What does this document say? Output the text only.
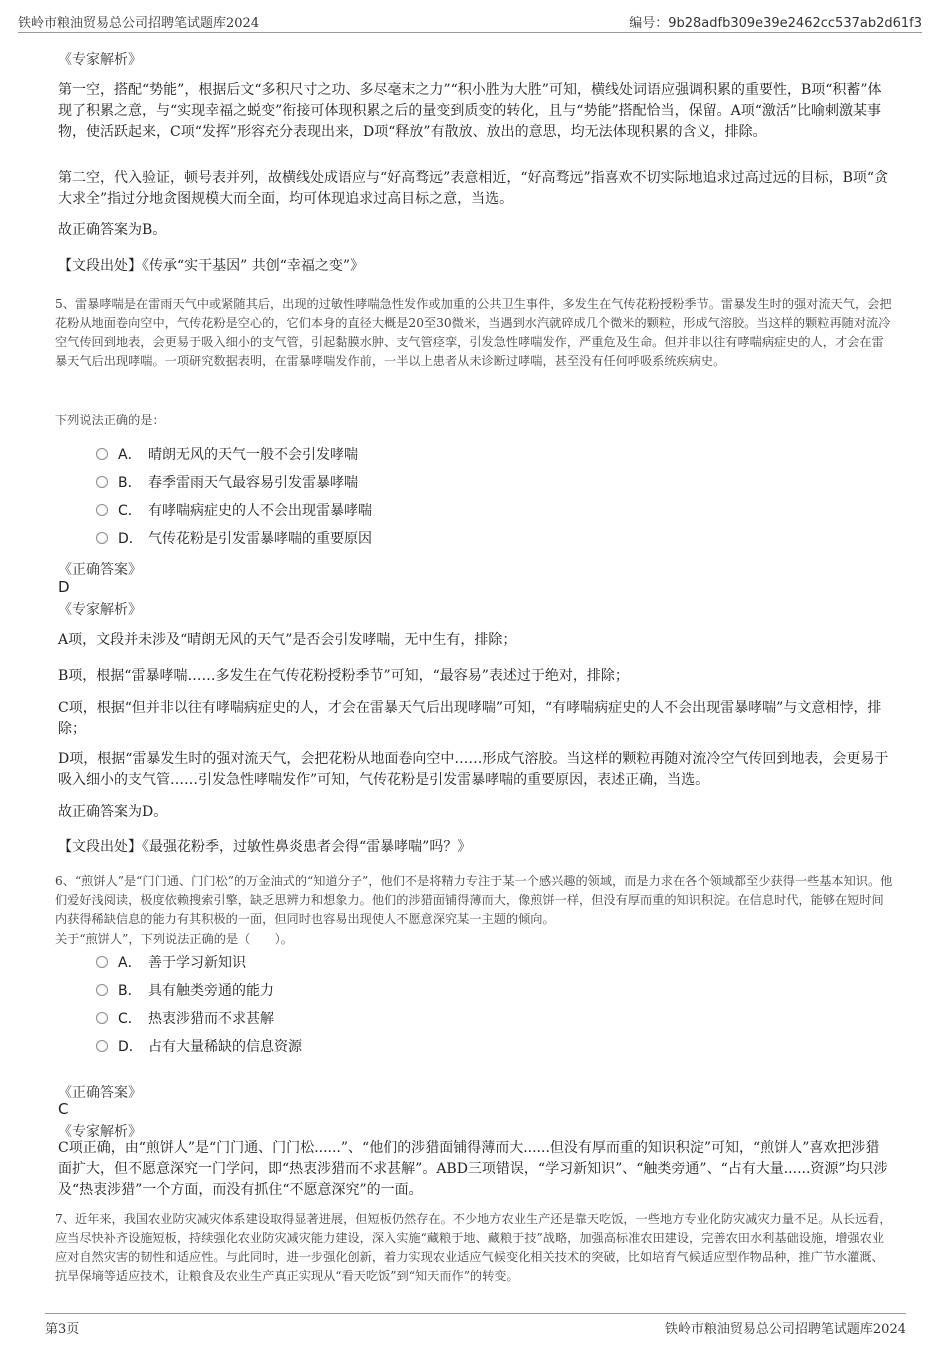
铁岭市粮油贸易总公司招聘笔试题库2024	编号：9b28adfb309e39e2462cc537ab2d61f3
《专家解析》

第一空，搭配“势能”，根据后文“多积尺寸之功、多尽毫末之力”“积小胜为大胜”可知，横线处词语应强调积累的重要性，B项“积蓄”体现了积累之意，与“实现幸福之蜕变”衔接可体现积累之后的量变到质变的转化，且与“势能”搭配恰当，保留。A项“激活”比喻刺激某事物，使活跃起来，C项“发挥”形容充分表现出来，D项“释放”有散放、放出的意思，均无法体现积累的含义，排除。

第二空，代入验证，顿号表并列，故横线处成语应与“好高骛远”表意相近，“好高骛远”指喜欢不切实际地追求过高过远的目标，B项“贪大求全”指过分地贪图规模大而全面，均可体现追求过高目标之意，当选。

故正确答案为B。

【文段出处】《传承“实干基因” 共创“幸福之变”》

5、雷暴哮喘是在雷雨天气中或紧随其后，出现的过敏性哮喘急性发作或加重的公共卫生事件，多发生在气传花粉授粉季节。雷暴发生时的强对流天气，会把花粉从地面卷向空中，气传花粉是空心的，它们本身的直径大概是20至30微米，当遇到水汽就碎成几个微米的颗粒，形成气溶胶。当这样的颗粒再随对流冷空气传回到地表，会更易于吸入细小的支气管，引起黏膜水肿、支气管痉挛，引发急性哮喘发作，严重危及生命。但并非以往有哮喘病症史的人，才会在雷暴天气后出现哮喘。一项研究数据表明，在雷暴哮喘发作前，一半以上患者从未诊断过哮喘，甚至没有任何呼吸系统疾病史。

下列说法正确的是：

A． 晴朗无风的天气一般不会引发哮喘
B． 春季雷雨天气最容易引发雷暴哮喘
C． 有哮喘病症史的人不会出现雷暴哮喘
D． 气传花粉是引发雷暴哮喘的重要原因
《正确答案》
D
《专家解析》

A项，文段并未涉及“晴朗无风的天气”是否会引发哮喘，无中生有，排除；

B项，根据“雷暴哮喘……多发生在气传花粉授粉季节”可知，“最容易”表述过于绝对，排除；

C项，根据“但并非以往有哮喘病症史的人，才会在雷暴天气后出现哮喘”可知，“有哮喘病症史的人不会出现雷暴哮喘”与文意相悖，排除；

D项，根据“雷暴发生时的强对流天气，会把花粉从地面卷向空中……形成气溶胶。当这样的颗粒再随对流冷空气传回到地表，会更易于吸入细小的支气管……引发急性哮喘发作”可知，气传花粉是引发雷暴哮喘的重要原因，表述正确，当选。

故正确答案为D。

【文段出处】《最强花粉季，过敏性鼻炎患者会得“雷暴哮喘”吗？》

6、“煎饼人”是“门门通、门门松”的万金油式的“知道分子”，他们不是将精力专注于某一个感兴趣的领域，而是力求在各个领域都至少获得一些基本知识。他们爱好浅阅读，极度依赖搜索引擎，缺乏思辨力和想象力。他们的涉猎面铺得薄而大，像煎饼一样，但没有厚而重的知识积淀。在信息时代，能够在短时间内获得稀缺信息的能力有其积极的一面，但同时也容易出现使人不愿意深究某一主题的倾向。

关于“煎饼人”，下列说法正确的是（　　）。

A． 善于学习新知识
B． 具有触类旁通的能力
C． 热衷涉猎而不求甚解
D． 占有大量稀缺的信息资源
《正确答案》
C
《专家解析》

C项正确，由“煎饼人”是“门门通、门门松......”、“他们的涉猎面铺得薄而大......但没有厚而重的知识积淀”可知，“煎饼人”喜欢把涉猎面扩大，但不愿意深究一门学问，即“热衷涉猎而不求甚解”。ABD三项错误，“学习新知识”、“触类旁通”、“占有大量......资源”均只涉及“热衷涉猎”一个方面，而没有抓住“不愿意深究”的一面。

7、近年来，我国农业防灾减灾体系建设取得显著进展，但短板仍然存在。不少地方农业生产还是靠天吃饭，一些地方专业化防灾减灾力量不足。从长远看，应当尽快补齐设施短板，持续强化农业防灾减灾能力建设，深入实施“藏粮于地、藏粮于技”战略，加强高标准农田建设，完善农田水利基础设施，增强农业应对自然灾害的韧性和适应性。与此同时，进一步强化创新，着力实现农业适应气候变化相关技术的突破，比如培育气候适应型作物品种，推广节水灌溉、抗旱保墒等适应技术，让粮食及农业生产真正实现从“看天吃饭”到“知天而作”的转变。

第3页	铁岭市粮油贸易总公司招聘笔试题库2024
